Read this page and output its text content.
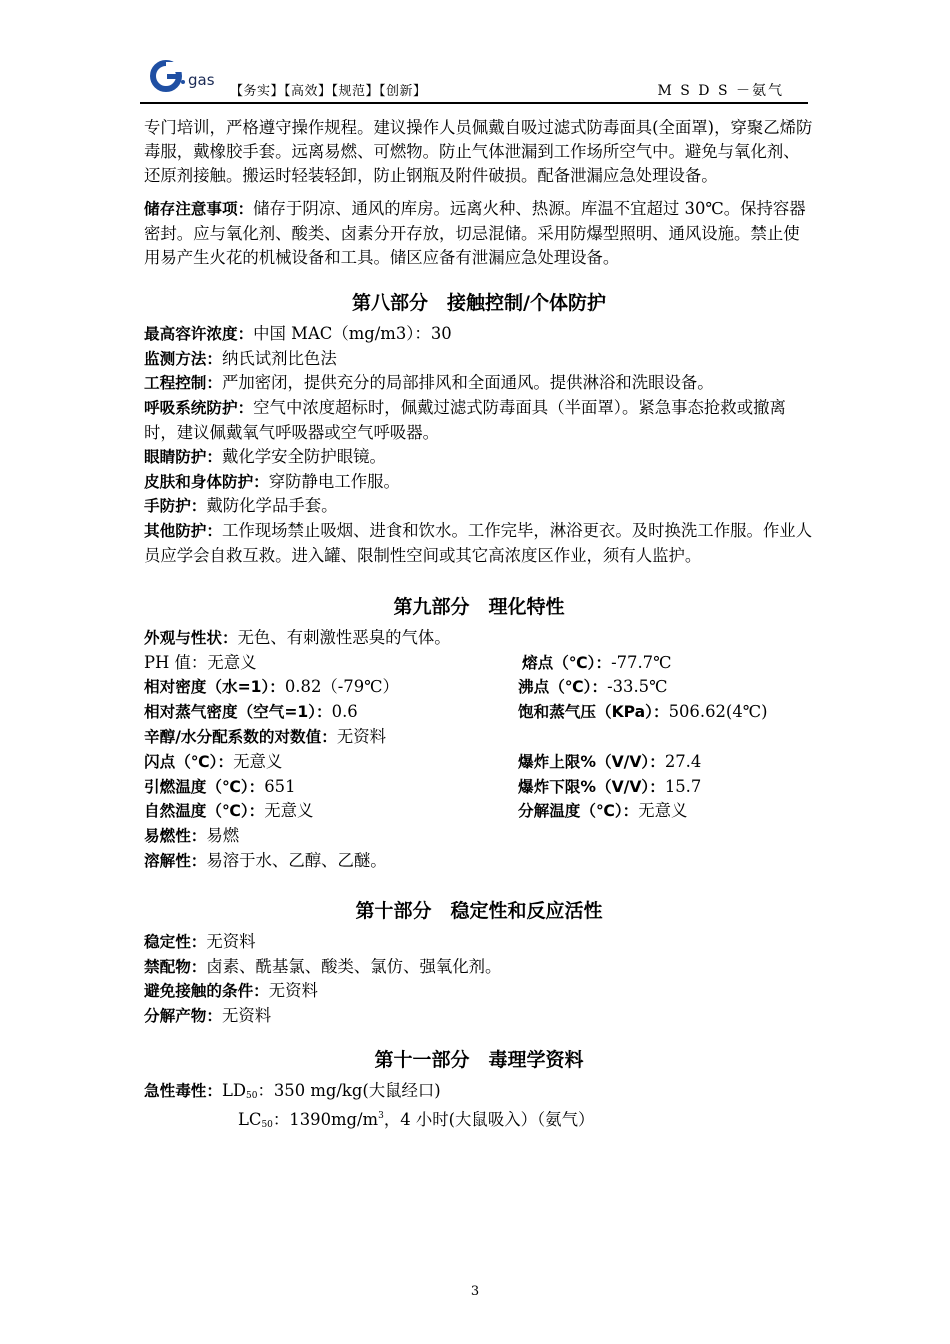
gas
【务实】【高效】【规范】【创新】	M S D S －氨气

专门培训，严格遵守操作规程。建议操作人员佩戴自吸过滤式防毒面具(全面罩)，穿聚乙烯防毒服，戴橡胶手套。远离易燃、可燃物。防止气体泄漏到工作场所空气中。避免与氧化剂、还原剂接触。搬运时轻装轻卸，防止钢瓶及附件破损。配备泄漏应急处理设备。

储存注意事项：储存于阴凉、通风的库房。远离火种、热源。库温不宜超过 30℃。保持容器密封。应与氧化剂、酸类、卤素分开存放，切忌混储。采用防爆型照明、通风设施。禁止使用易产生火花的机械设备和工具。储区应备有泄漏应急处理设备。

第八部分　接触控制/个体防护

最高容许浓度：中国 MAC（mg/m3）：30

监测方法：纳氏试剂比色法

工程控制：严加密闭，提供充分的局部排风和全面通风。提供淋浴和洗眼设备。

呼吸系统防护：空气中浓度超标时，佩戴过滤式防毒面具（半面罩）。紧急事态抢救或撤离时，建议佩戴氧气呼吸器或空气呼吸器。

眼睛防护：戴化学安全防护眼镜。

皮肤和身体防护：穿防静电工作服。

手防护：戴防化学品手套。

其他防护：工作现场禁止吸烟、进食和饮水。工作完毕，淋浴更衣。及时换洗工作服。作业人员应学会自救互救。进入罐、限制性空间或其它高浓度区作业，须有人监护。

第九部分　理化特性
外观与性状：无色、有刺激性恶臭的气体。
PH 值：无意义	熔点（℃）：-77.7℃
相对密度（水=1）：0.82（-79℃）	沸点（℃）：-33.5℃
相对蒸气密度（空气=1）：0.6	饱和蒸气压（KPa）：506.62(4℃)
辛醇/水分配系数的对数值：无资料
闪点（℃）：无意义	爆炸上限%（V/V）：27.4
引燃温度（℃）：651	爆炸下限%（V/V）：15.7
自然温度（℃）：无意义	分解温度（℃）：无意义
易燃性：易燃
溶解性：易溶于水、乙醇、乙醚。
第十部分　稳定性和反应活性
稳定性：无资料
禁配物：卤素、酰基氯、酸类、氯仿、强氧化剂。
避免接触的条件：无资料
分解产物：无资料
第十一部分　毒理学资料
急性毒性：$LD_{50}$：350 mg/kg(大鼠经口)
$LC_{50}$：$1390mg/m^3$，4 小时(大鼠吸入）（氨气）
3
